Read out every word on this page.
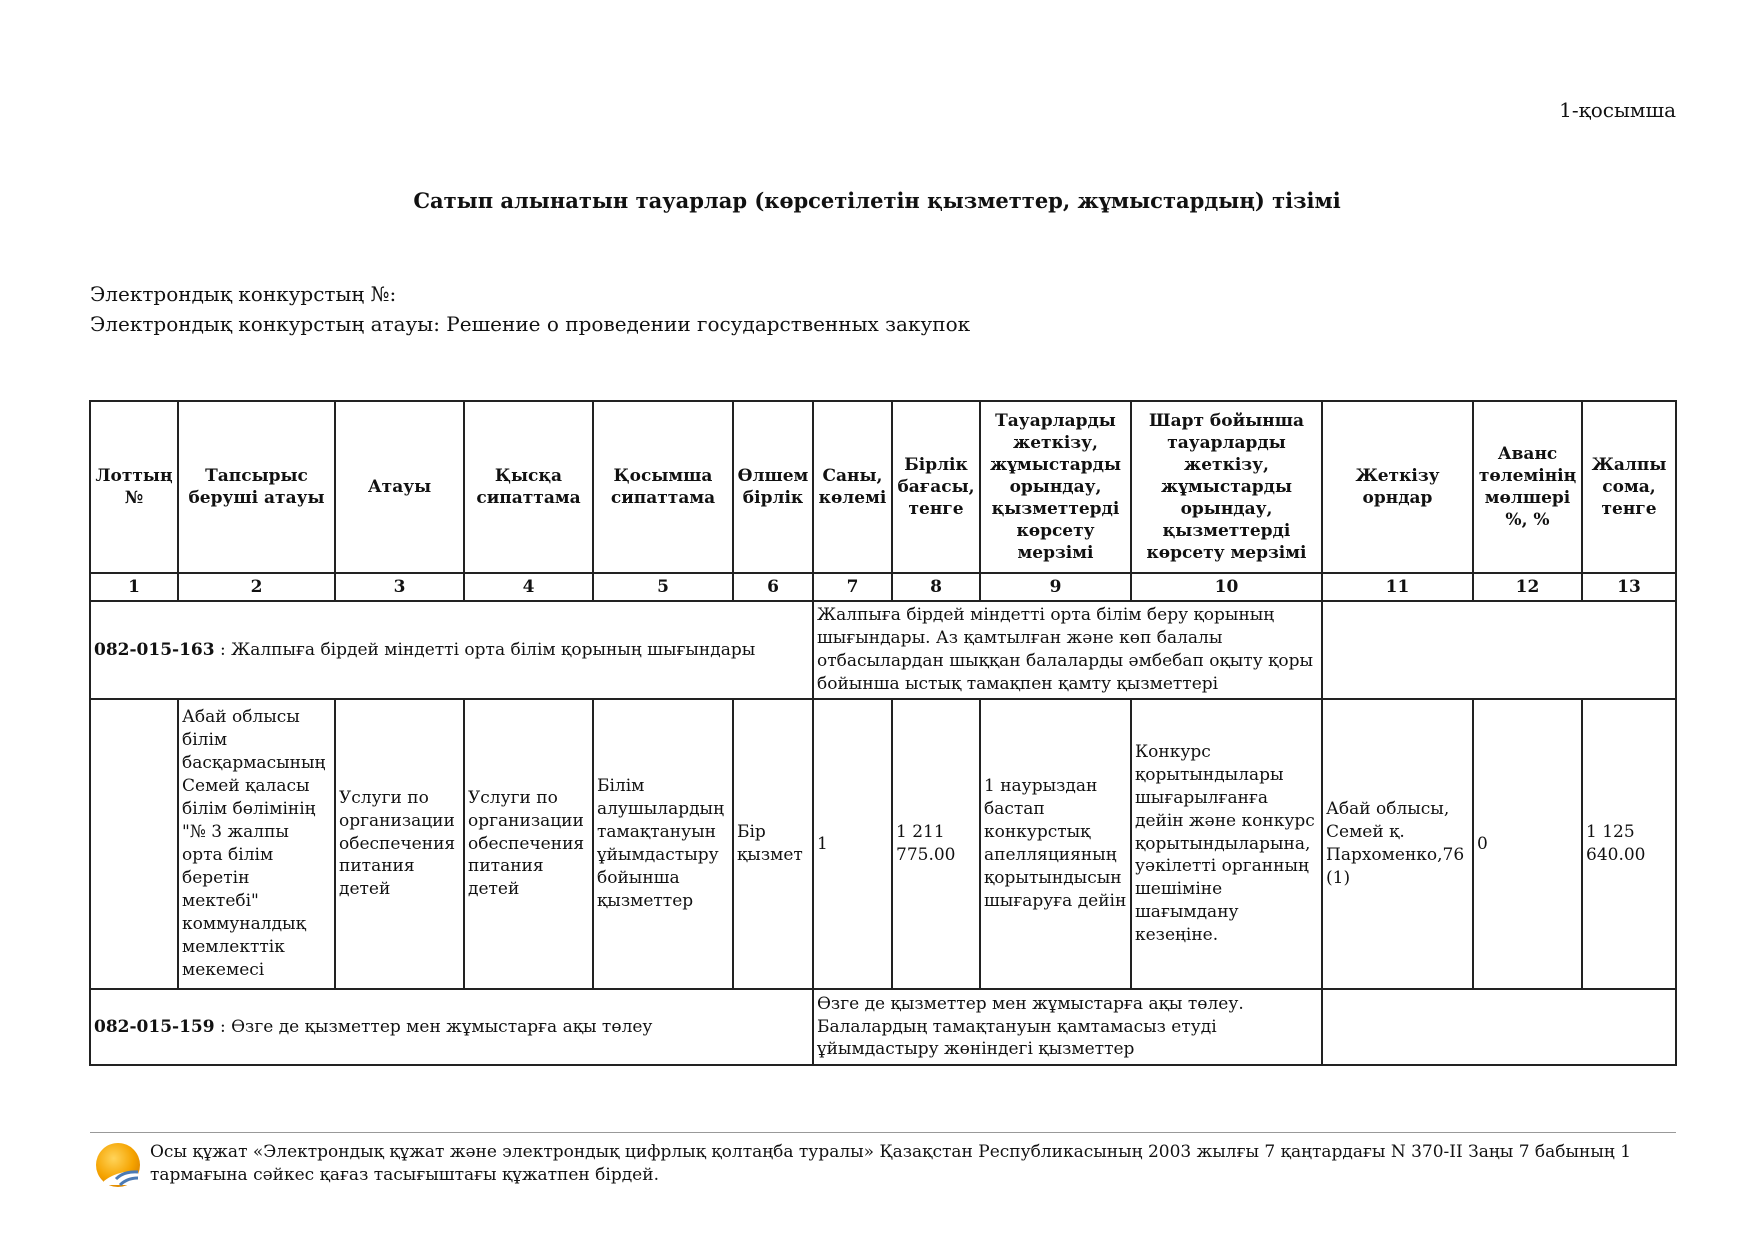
1-қосымша
Сатып алынатын тауарлар (көрсетілетін қызметтер, жұмыстардың) тізімі
Электрондық конкурстың №:
Электрондық конкурстың атауы: Решение о проведении государственных закупок
Лоттың №	Тапсырыс беруші атауы	Атауы	Қысқа сипаттама	Қосымша сипаттама	Өлшем бірлік	Саны, көлемі	Бірлік бағасы, тенге	Тауарларды жеткізу, жұмыстарды орындау, қызметтерді көрсету мерзімі	Шарт бойынша тауарларды жеткізу, жұмыстарды орындау, қызметтерді көрсету мерзімі	Жеткізу орндар	Аванс төлемінің мөлшері %, %	Жалпы сома, тенге
1	2	3	4	5	6	7	8	9	10	11	12	13
082-015-163 : Жалпыға бірдей міндетті орта білім қорының шығындары						Жалпыға бірдей міндетті орта білім беру қорының шығындары. Аз қамтылған және көп балалы отбасылардан шыққан балаларды әмбебап оқыту қоры бойынша ыстық тамақпен қамту қызметтері						
	Абай облысы білім басқармасының Семей қаласы білім бөлімінің "№ 3 жалпы орта білім беретін мектебі" коммуналдық мемлекттік мекемесі	Услуги по организации обеспечения питания детей	Услуги по организации обеспечения питания детей	Білім алушылардың тамақтануын ұйымдастыру бойынша қызметтер	Бір қызмет	1	1 211 775.00	1 наурыздан бастап конкурстық апелляцияның қорытындысын шығаруға дейін	Конкурс қорытындылары шығарылғанға дейін және конкурс қорытындыларына, уәкілетті органның шешіміне шағымдану кезеңіне.	Абай облысы, Семей қ. Пархоменко,76 (1)	0	1 125 640.00
082-015-159 : Өзге де қызметтер мен жұмыстарға ақы төлеу						Өзге де қызметтер мен жұмыстарға ақы төлеу. Балалардың тамақтануын қамтамасыз етуді ұйымдастыру жөніндегі қызметтер						
Осы құжат «Электрондық құжат және электрондық цифрлық қолтаңба туралы» Қазақстан Республикасының 2003 жылғы 7 қаңтардағы N 370-II Заңы 7 бабының 1 тармағына сәйкес қағаз тасығыштағы құжатпен бірдей.
